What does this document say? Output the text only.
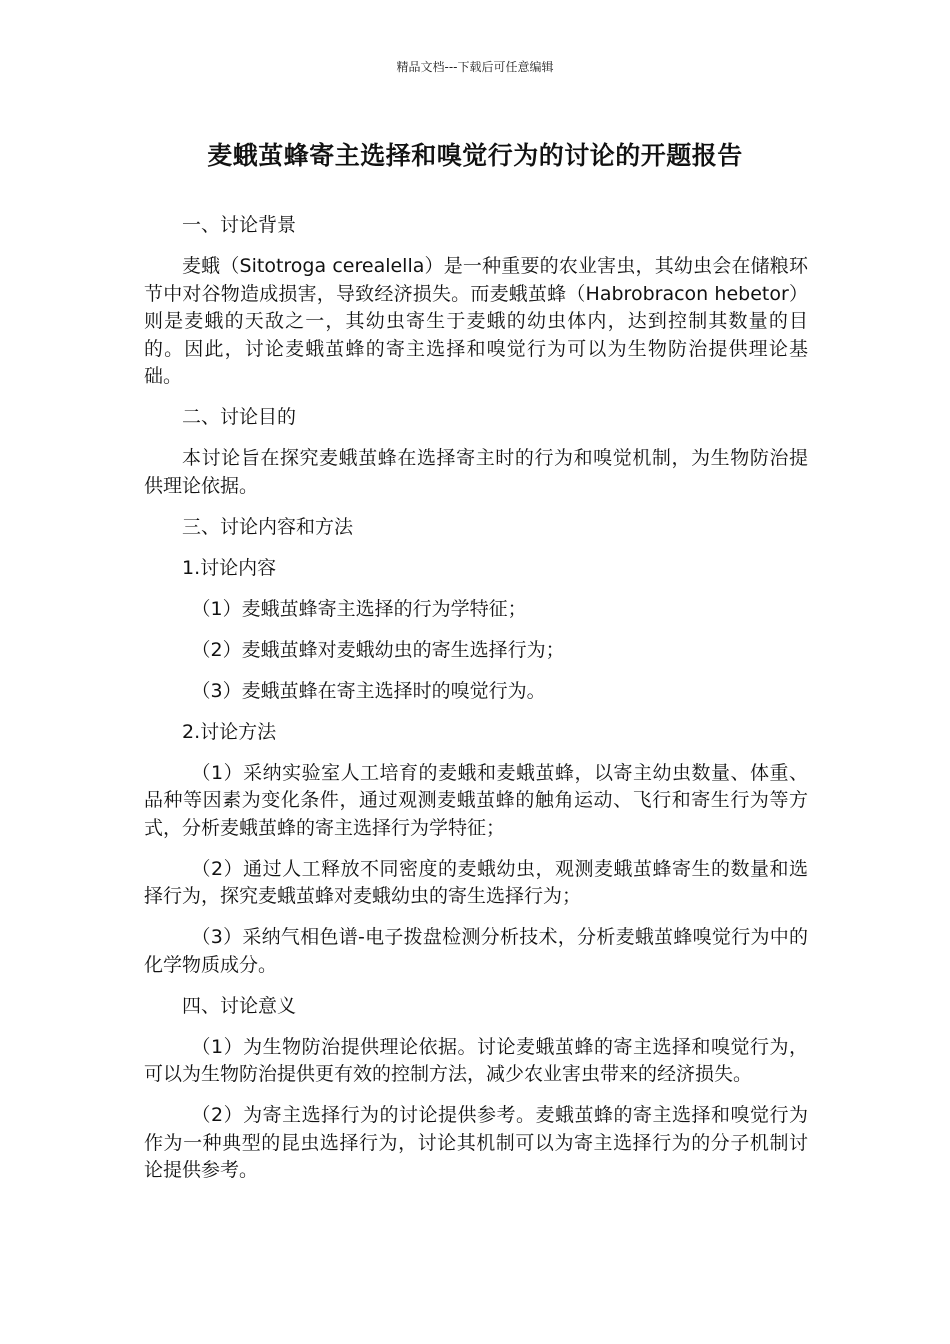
精品文档---下载后可任意编辑
麦蛾茧蜂寄主选择和嗅觉行为的讨论的开题报告

一、讨论背景

麦蛾（Sitotroga cerealella）是一种重要的农业害虫，其幼虫会在储粮环节中对谷物造成损害，导致经济损失。而麦蛾茧蜂（Habrobracon hebetor）则是麦蛾的天敌之一，其幼虫寄生于麦蛾的幼虫体内，达到控制其数量的目的。因此，讨论麦蛾茧蜂的寄主选择和嗅觉行为可以为生物防治提供理论基础。

二、讨论目的

本讨论旨在探究麦蛾茧蜂在选择寄主时的行为和嗅觉机制，为生物防治提供理论依据。

三、讨论内容和方法

1.讨论内容

（1）麦蛾茧蜂寄主选择的行为学特征；

（2）麦蛾茧蜂对麦蛾幼虫的寄生选择行为；

（3）麦蛾茧蜂在寄主选择时的嗅觉行为。

2.讨论方法

（1）采纳实验室人工培育的麦蛾和麦蛾茧蜂，以寄主幼虫数量、体重、品种等因素为变化条件，通过观测麦蛾茧蜂的触角运动、飞行和寄生行为等方式，分析麦蛾茧蜂的寄主选择行为学特征；

（2）通过人工释放不同密度的麦蛾幼虫，观测麦蛾茧蜂寄生的数量和选择行为，探究麦蛾茧蜂对麦蛾幼虫的寄生选择行为；

（3）采纳气相色谱-电子拨盘检测分析技术，分析麦蛾茧蜂嗅觉行为中的化学物质成分。

四、讨论意义

（1）为生物防治提供理论依据。讨论麦蛾茧蜂的寄主选择和嗅觉行为，可以为生物防治提供更有效的控制方法，减少农业害虫带来的经济损失。

（2）为寄主选择行为的讨论提供参考。麦蛾茧蜂的寄主选择和嗅觉行为作为一种典型的昆虫选择行为，讨论其机制可以为寄主选择行为的分子机制讨论提供参考。
